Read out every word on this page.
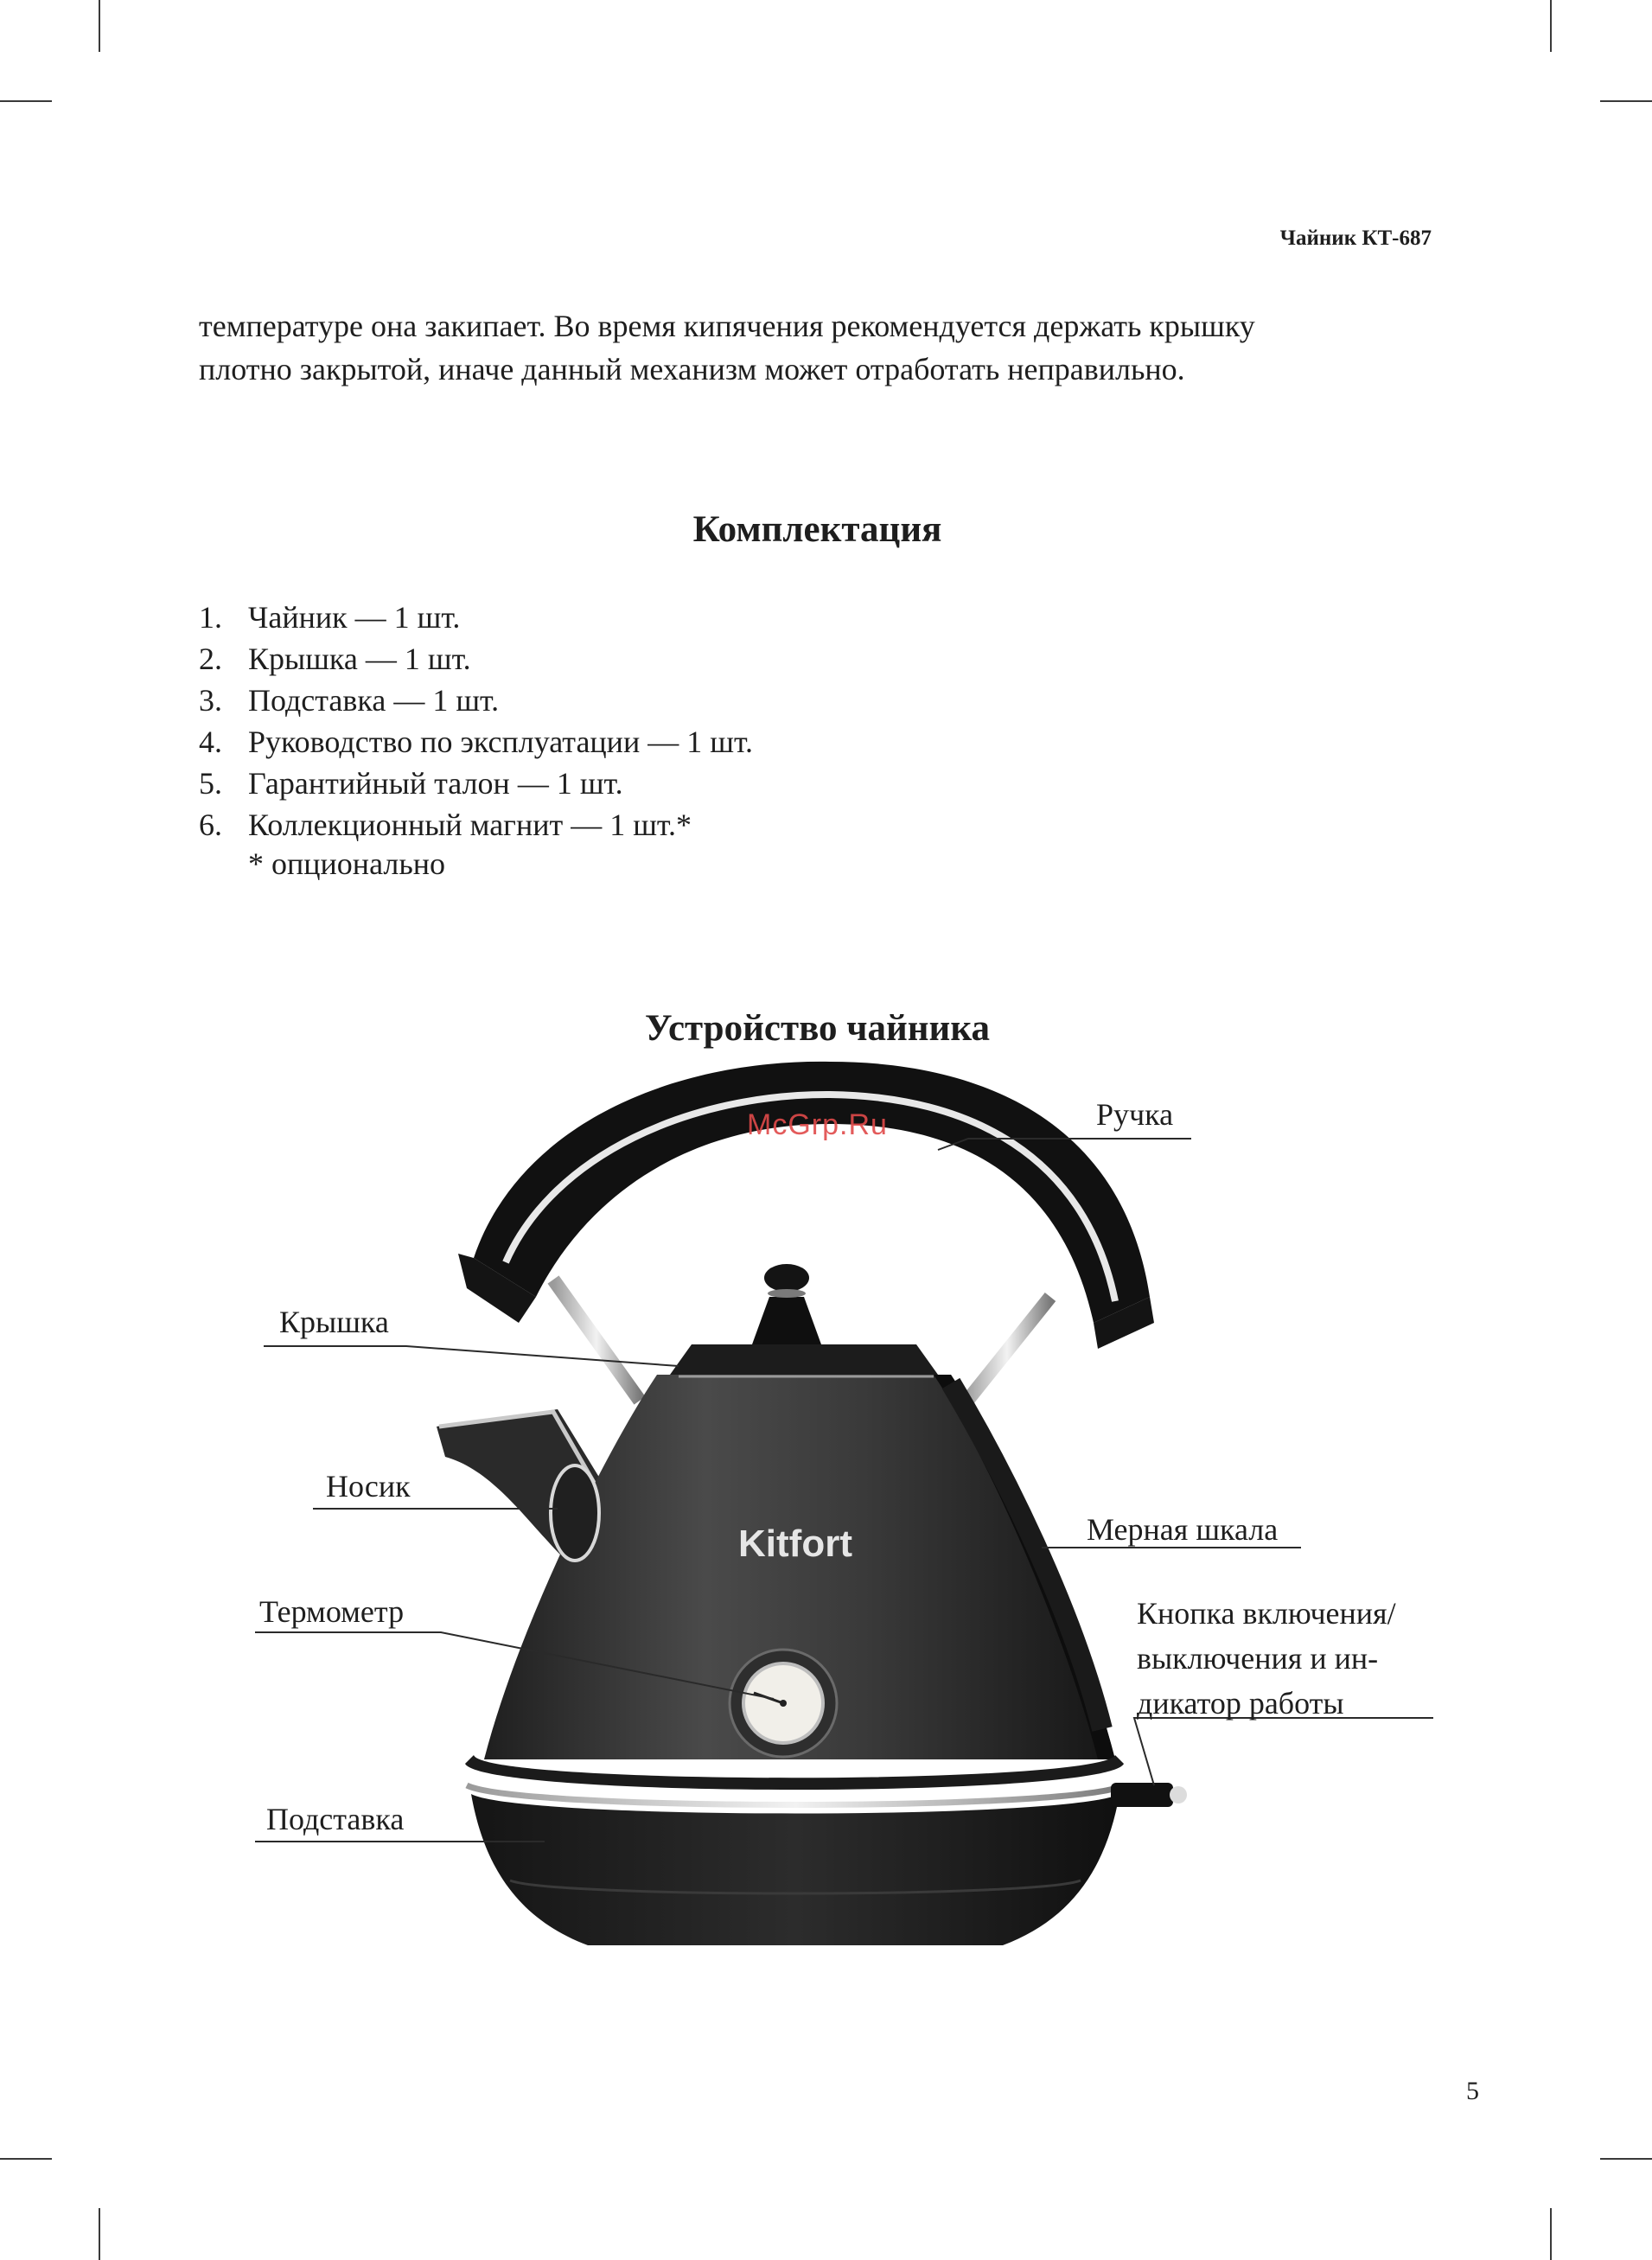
Чайник КТ-687

температуре она закипает. Во время кипячения рекомендуется держать крышку

плотно закрытой, иначе данный механизм может отработать неправильно.

Комплектация
1. Чайник — 1 шт.
2. Крышка — 1 шт.
3. Подставка — 1 шт.
4. Руководство по эксплуатации — 1 шт.
5. Гарантийный талон — 1 шт.
6. Коллекционный магнит — 1 шт.*
* опционально
Устройство чайника
Kitfort
Ручка
Крышка
Носик
Мерная шкала
Термометр	Кнопка включения/
выключения и ин-
дикатор работы
Подставка
McGrp.Ru
5
